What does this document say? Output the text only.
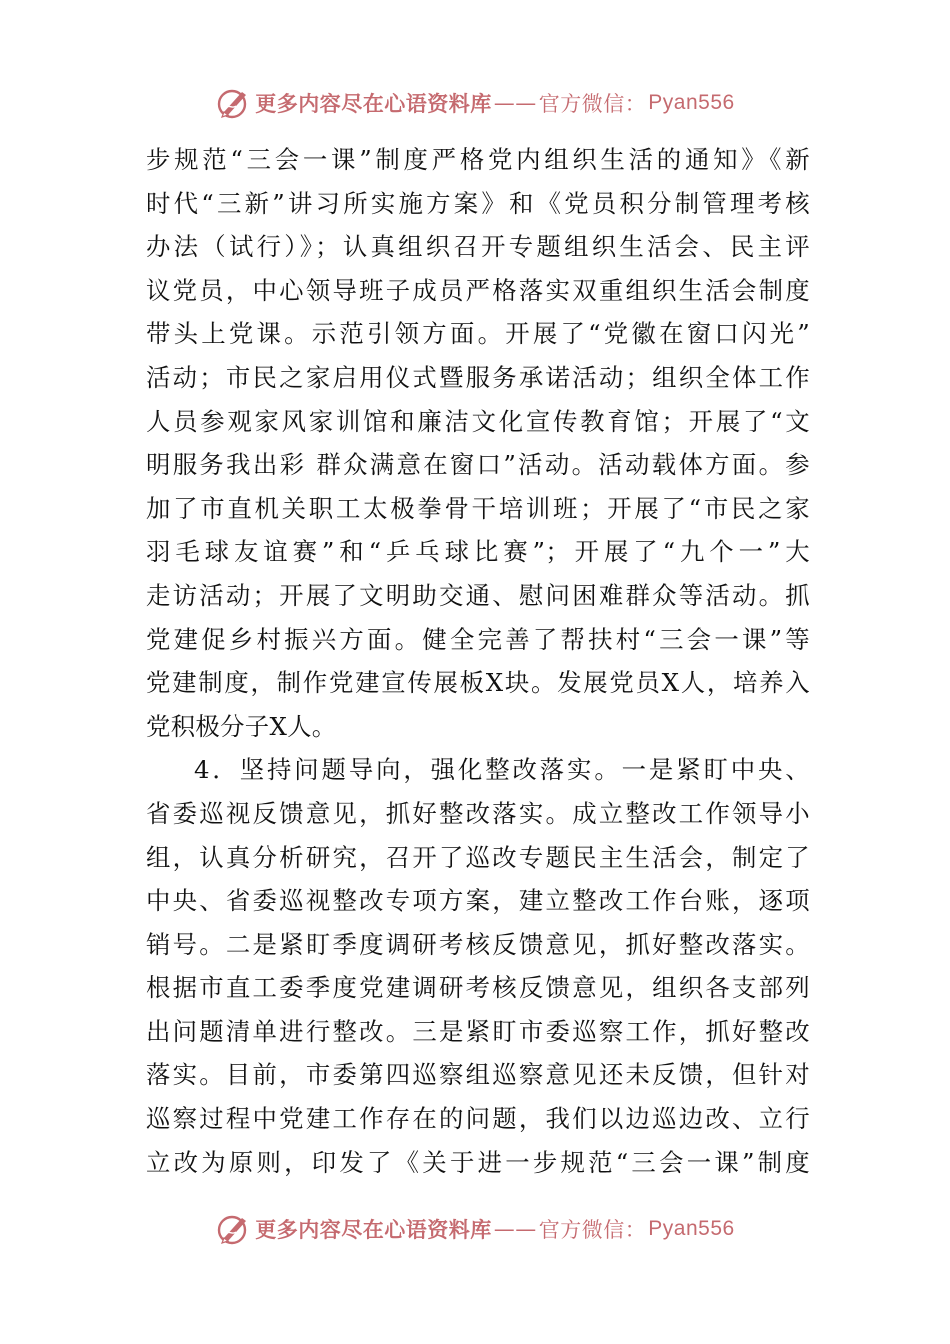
更多内容尽在心语资料库 —— 官方微信： Pyan556
步规范“三会一课”制度严格党内组织生活的通知》《新
时代“三新”讲习所实施方案》和《党员积分制管理考核
办法（试行）》；认真组织召开专题组织生活会、民主评
议党员，中心领导班子成员严格落实双重组织生活会制度
带头上党课。示范引领方面。开展了“党徽在窗口闪光”
活动；市民之家启用仪式暨服务承诺活动；组织全体工作
人员参观家风家训馆和廉洁文化宣传教育馆；开展了“文
明服务我出彩 群众满意在窗口”活动。活动载体方面。参
加了市直机关职工太极拳骨干培训班；开展了“市民之家
羽毛球友谊赛”和“乒乓球比赛”；开展了“九个一”大
走访活动；开展了文明助交通、慰问困难群众等活动。抓
党建促乡村振兴方面。健全完善了帮扶村“三会一课”等
党建制度，制作党建宣传展板X块。发展党员X人，培养入
党积极分子X人。
4．坚持问题导向，强化整改落实。一是紧盯中央、
省委巡视反馈意见，抓好整改落实。成立整改工作领导小
组，认真分析研究，召开了巡改专题民主生活会，制定了
中央、省委巡视整改专项方案，建立整改工作台账，逐项
销号。二是紧盯季度调研考核反馈意见，抓好整改落实。
根据市直工委季度党建调研考核反馈意见，组织各支部列
出问题清单进行整改。三是紧盯市委巡察工作，抓好整改
落实。目前，市委第四巡察组巡察意见还未反馈，但针对
巡察过程中党建工作存在的问题，我们以边巡边改、立行
立改为原则，印发了《关于进一步规范“三会一课”制度
更多内容尽在心语资料库 —— 官方微信： Pyan556
